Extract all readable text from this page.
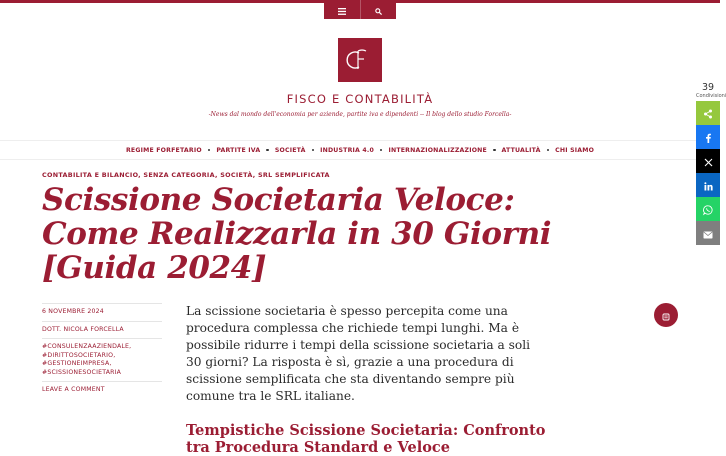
FISCO E CONTABILITÀ
-News dal mondo dell'economia per aziende, partite iva e dipendenti -- Il blog dello studio Forcella-
REGIME FORFETARIO PARTITE IVA SOCIETÀ INDUSTRIA 4.0 INTERNAZIONALIZZAZIONE ATTUALITÀ CHI SIAMO
CONTABILITA E BILANCIO, SENZA CATEGORIA, SOCIETÀ, SRL SEMPLIFICATA
Scissione Societaria Veloce: Come Realizzarla in 30 Giorni [Guida 2024]
6 NOVEMBRE 2024
DOTT. NICOLA FORCELLA
#CONSULENZAAZIENDALE, #DIRITTOSOCIETARIO, #GESTIONEIMPRESA, #SCISSIONESOCIETARIA
LEAVE A COMMENT

La scissione societaria è spesso percepita come una procedura complessa che richiede tempi lunghi. Ma è possibile ridurre i tempi della scissione societaria a soli 30 giorni? La risposta è sì, grazie a una procedura di scissione semplificata che sta diventando sempre più comune tra le SRL italiane.

Tempistiche Scissione Societaria: Confronto tra Procedura Standard e Veloce
39
Condivisioni
